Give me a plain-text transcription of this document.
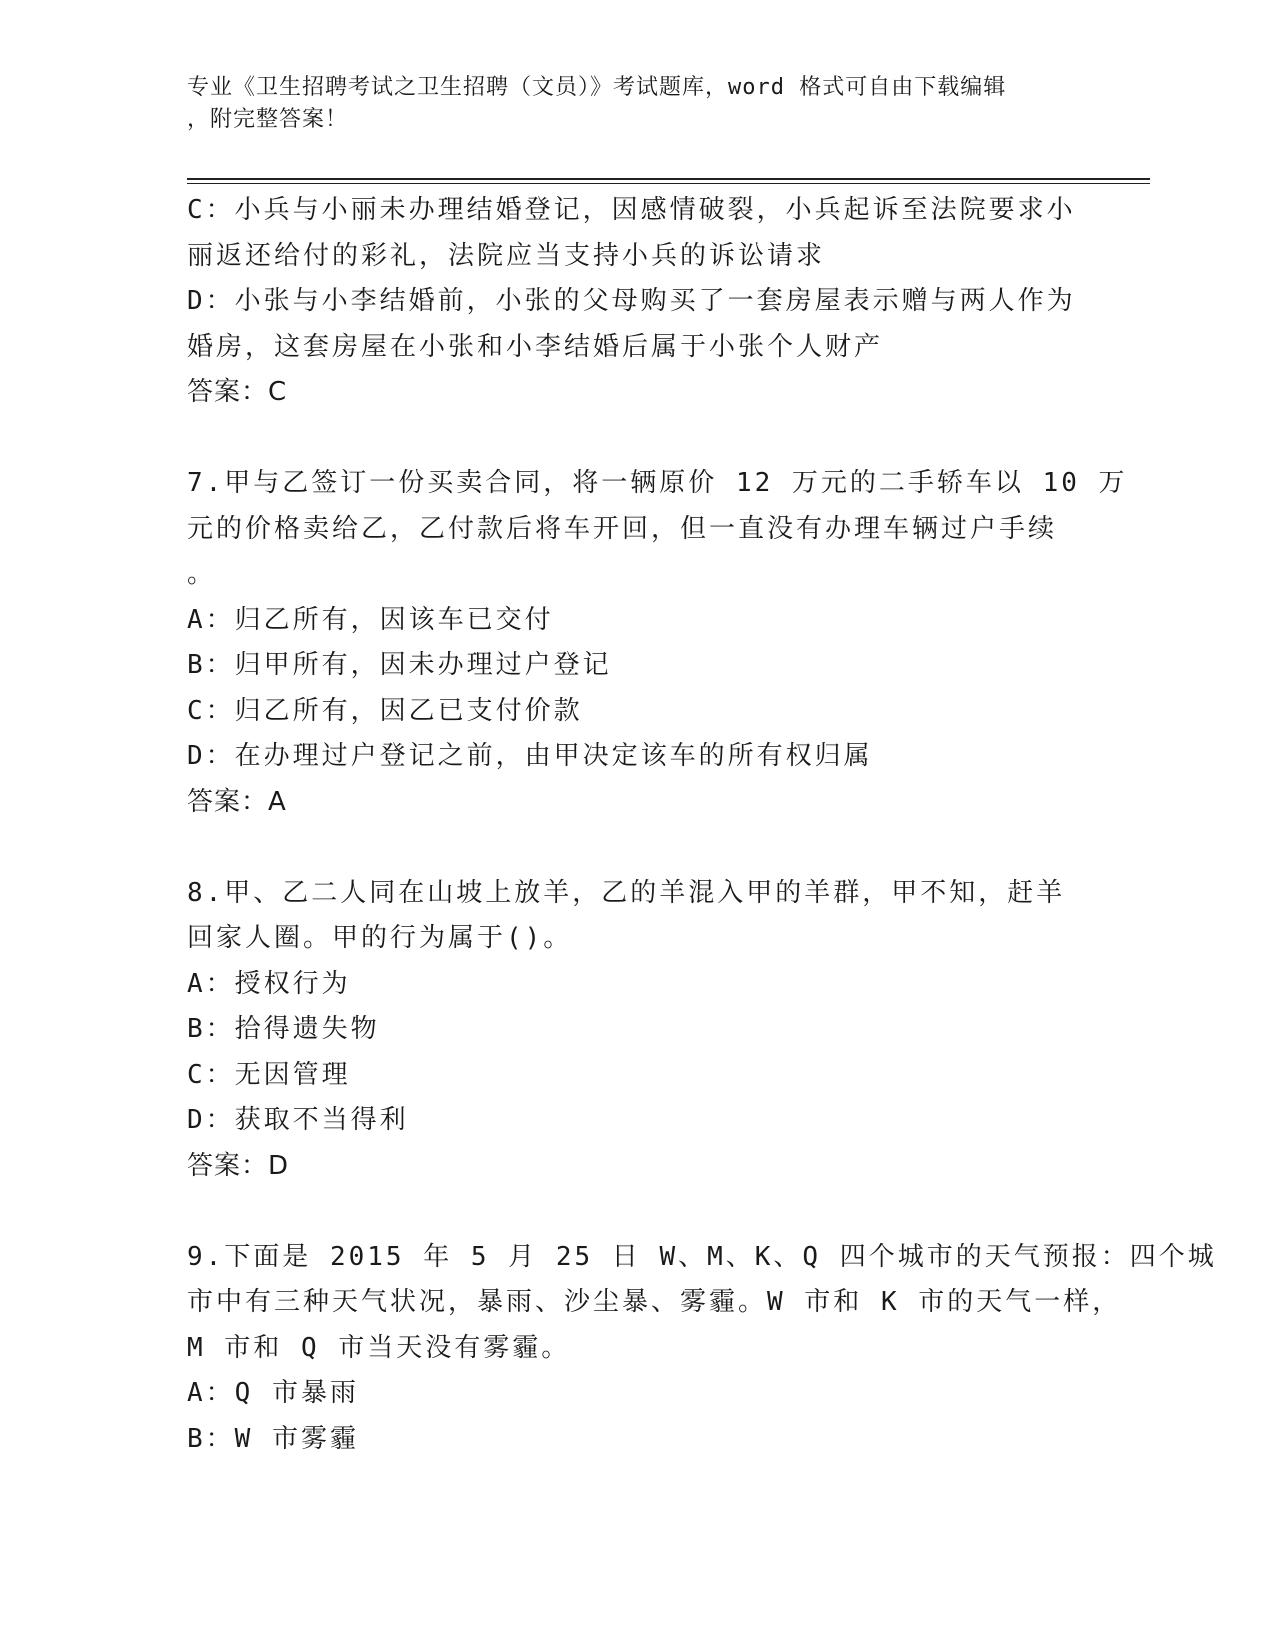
专业《卫生招聘考试之卫生招聘（文员）》考试题库，word 格式可自由下载编辑
，附完整答案！
C：小兵与小丽未办理结婚登记，因感情破裂，小兵起诉至法院要求小
丽返还给付的彩礼，法院应当支持小兵的诉讼请求
D：小张与小李结婚前，小张的父母购买了一套房屋表示赠与两人作为
婚房，这套房屋在小张和小李结婚后属于小张个人财产
答案：C
7.甲与乙签订一份买卖合同，将一辆原价 12 万元的二手轿车以 10 万
元的价格卖给乙，乙付款后将车开回，但一直没有办理车辆过户手续
。
A：归乙所有，因该车已交付
B：归甲所有，因未办理过户登记
C：归乙所有，因乙已支付价款
D：在办理过户登记之前，由甲决定该车的所有权归属
答案：A
8.甲、乙二人同在山坡上放羊，乙的羊混入甲的羊群，甲不知，赶羊
回家人圈。甲的行为属于()。
A：授权行为
B：拾得遗失物
C：无因管理
D：获取不当得利
答案：D
9.下面是 2015 年 5 月 25 日 W、M、K、Q 四个城市的天气预报：四个城
市中有三种天气状况，暴雨、沙尘暴、雾霾。W 市和 K 市的天气一样，
M 市和 Q 市当天没有雾霾。
A：Q 市暴雨
B：W 市雾霾
